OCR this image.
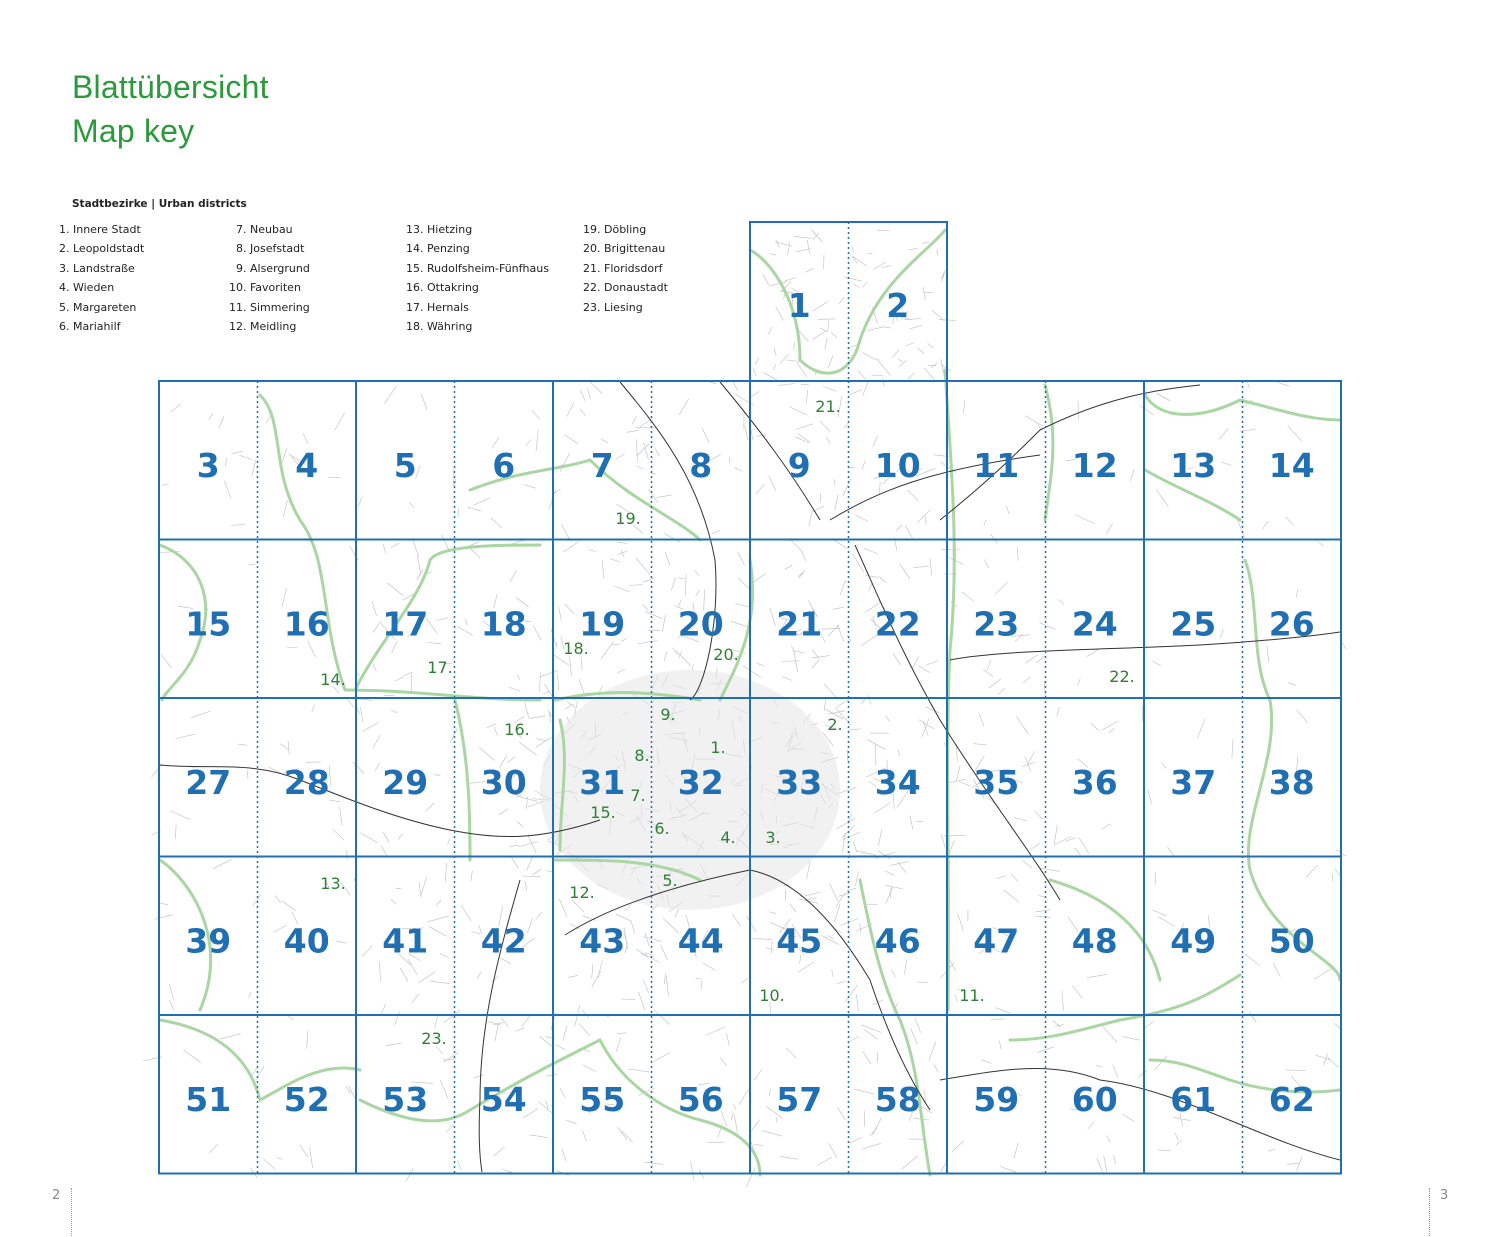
Blattübersicht
Map key
Stadtbezirke | Urban districts
1. Innere Stadt
2. Leopoldstadt
3. Landstraße
4. Wieden
5. Margareten
6. Mariahilf
7. Neubau
8. Josefstadt
9. Alsergrund
10. Favoriten
11. Simmering
12. Meidling
13. Hietzing
14. Penzing
15. Rudolfsheim-Fünfhaus
16. Ottakring
17. Hernals
18. Währing
19. Döbling
20. Brigittenau
21. Floridsdorf
22. Donaustadt
23. Liesing
1.
2.
3.
4.
5.
6.
7.
8.
9.
10.	11.
12.
13.
14.
15.
16.
17.
18.
19.
20.
21.
22.
23.
1 2
3 4 5 6 7 8 9 10 11 12 13 14
15 16 17 18 19 20 21 22 23 24 25 26
27 28 29 30 31 32 33 34 35 36 37 38
39 40 41 42 43 44 45 46 47 48 49 50
51 52 53 54 55 56 57 58 59 60 61 62
2	3
